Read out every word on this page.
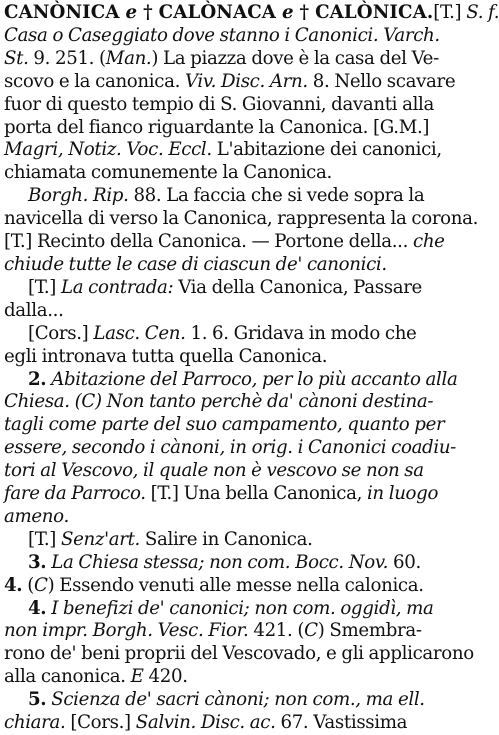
CANÒNICA e † CALÒNACA e † CALÒNICA. [T.] S. f.
Casa o Caseggiato dove stanno i Canonici. Varch.
St. 9. 251. (Man.) La piazza dove è la casa del Ve-
scovo e la canonica. Viv. Disc. Arn. 8. Nello scavare
fuor di questo tempio di S. Giovanni, davanti alla
porta del fianco riguardante la Canonica. [G.M.]
Magri, Notiz. Voc. Eccl. L'abitazione dei canonici,
chiamata comunemente la Canonica.
Borgh. Rip. 88. La faccia che si vede sopra la
navicella di verso la Canonica, rappresenta la corona.
[T.] Recinto della Canonica. — Portone della... che
chiude tutte le case di ciascun de' canonici.
[T.] La contrada: Via della Canonica, Passare
dalla...
[Cors.] Lasc. Cen. 1. 6. Gridava in modo che
egli intronava tutta quella Canonica.
2. Abitazione del Parroco, per lo più accanto alla
Chiesa. (C) Non tanto perchè da' cànoni destina-
tagli come parte del suo campamento, quanto per
essere, secondo i cànoni, in orig. i Canonici coadiu-
tori al Vescovo, il quale non è vescovo se non sa
fare da Parroco. [T.] Una bella Canonica, in luogo
ameno.
[T.] Senz'art. Salire in Canonica.
3. La Chiesa stessa; non com. Bocc. Nov. 60.
4. (C) Essendo venuti alle messe nella calonica.
4. I benefizi de' canonici; non com. oggidì, ma
non impr. Borgh. Vesc. Fior. 421. (C) Smembra-
rono de' beni proprii del Vescovado, e gli applicarono
alla canonica. E 420.
5. Scienza de' sacri cànoni; non com., ma ell.
chiara. [Cors.] Salvin. Disc. ac. 67. Vastissima
